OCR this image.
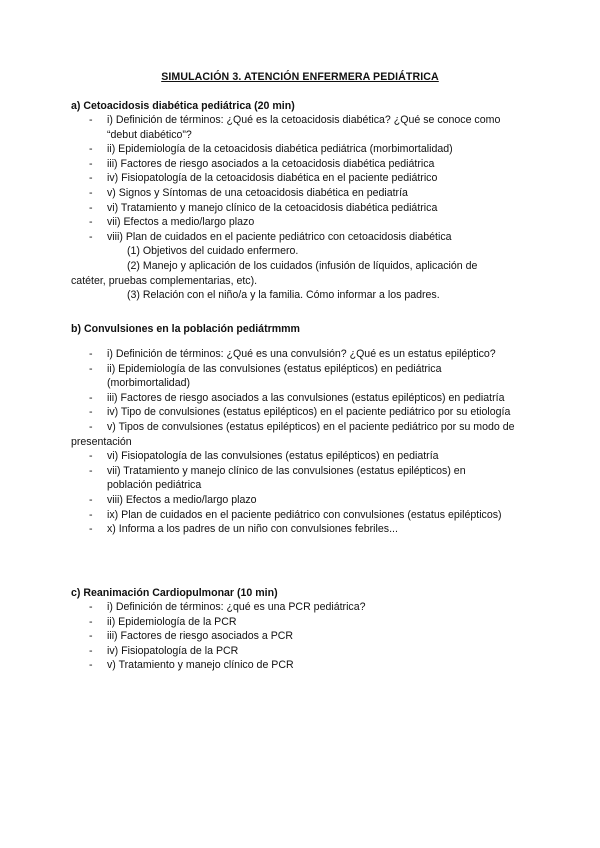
SIMULACIÓN 3. ATENCIÓN ENFERMERA PEDIÁTRICA

a) Cetoacidosis diabética pediátrica (20 min)

- i) Definición de términos: ¿Qué es la cetoacidosis diabética? ¿Qué se conoce como “debut diabético”?
- ii) Epidemiología de la cetoacidosis diabética pediátrica (morbimortalidad)
- iii) Factores de riesgo asociados a la cetoacidosis diabética pediátrica
- iv) Fisiopatología de la cetoacidosis diabética en el paciente pediátrico
- v) Signos y Síntomas de una cetoacidosis diabética en pediatría
- vi) Tratamiento y manejo clínico de la cetoacidosis diabética pediátrica
- vii) Efectos a medio/largo plazo
- viii) Plan de cuidados en el paciente pediátrico con cetoacidosis diabética
(1) Objetivos del cuidado enfermero.
(2) Manejo y aplicación de los cuidados (infusión de líquidos, aplicación de
catéter, pruebas complementarias, etc).
(3) Relación con el niño/a y la familia. Cómo informar a los padres.

b) Convulsiones en la población pediátrmmm

- i) Definición de términos: ¿Qué es una convulsión? ¿Qué es un estatus epiléptico?
- ii) Epidemiología de las convulsiones (estatus epilépticos) en pediátrica (morbimortalidad)
- iii) Factores de riesgo asociados a las convulsiones (estatus epilépticos) en pediatría
- iv) Tipo de convulsiones (estatus epilépticos) en el paciente pediátrico por su etiología
- v) Tipos de convulsiones (estatus epilépticos) en el paciente pediátrico por su modo de
presentación
- vi) Fisiopatología de las convulsiones (estatus epilépticos) en pediatría
- vii) Tratamiento y manejo clínico de las convulsiones (estatus epilépticos) en población pediátrica
- viii) Efectos a medio/largo plazo
- ix) Plan de cuidados en el paciente pediátrico con convulsiones (estatus epilépticos)
- x) Informa a los padres de un niño con convulsiones febriles...

c) Reanimación Cardiopulmonar (10 min)

- i) Definición de términos: ¿qué es una PCR pediátrica?
- ii) Epidemiología de la PCR
- iii) Factores de riesgo asociados a PCR
- iv) Fisiopatología de la PCR
- v) Tratamiento y manejo clínico de PCR
